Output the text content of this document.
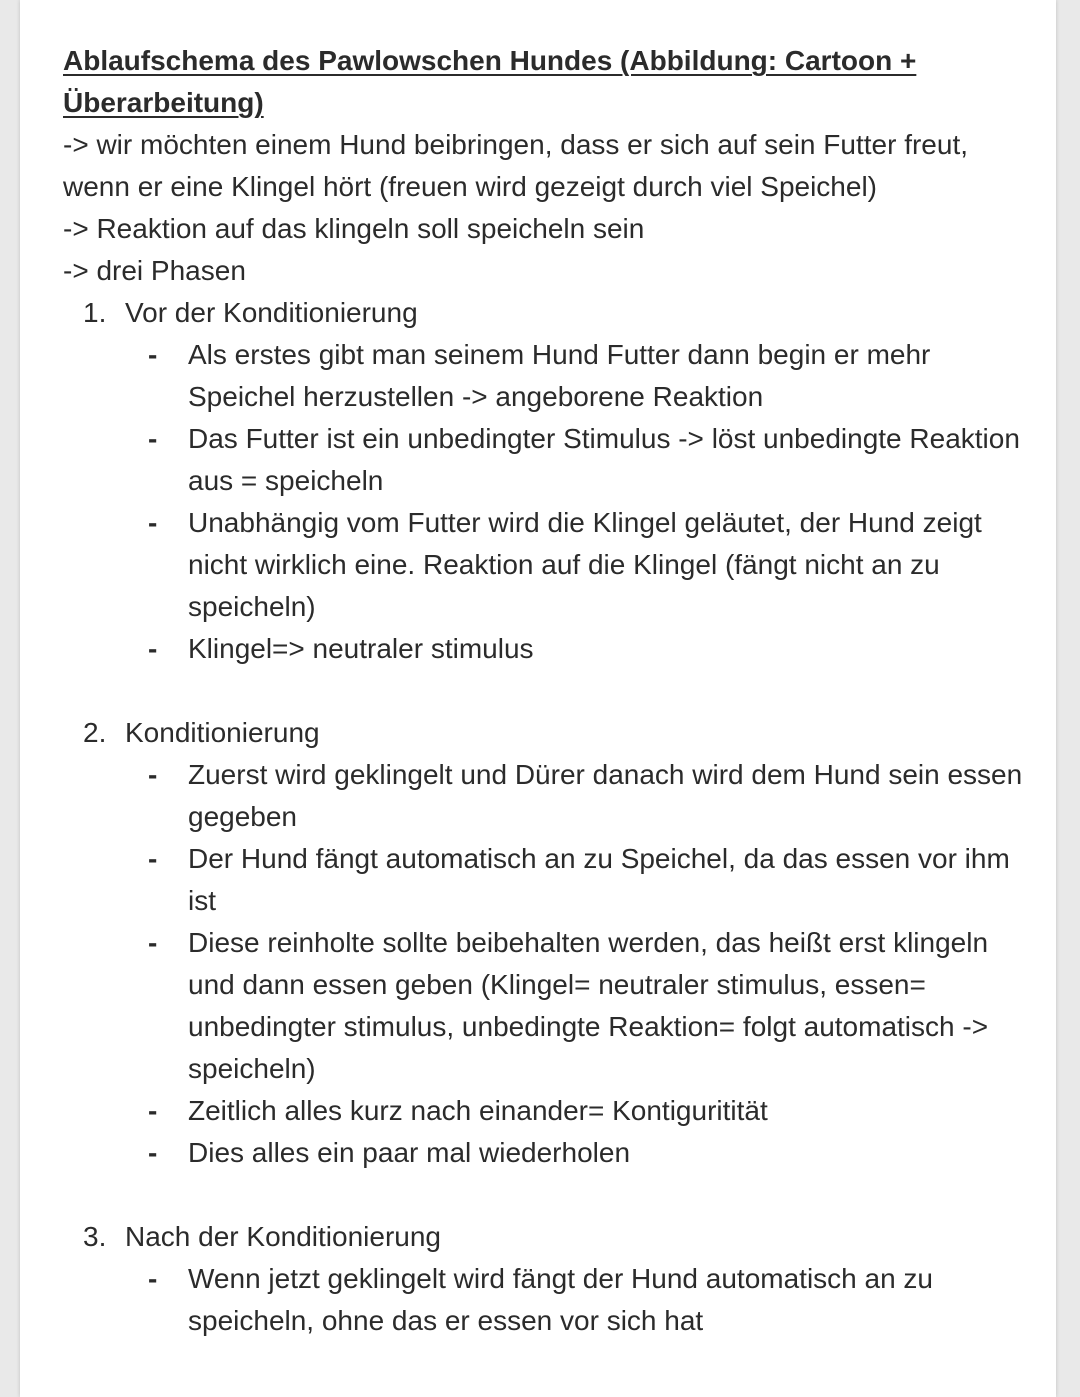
Ablaufschema des Pawlowschen Hundes (Abbildung: Cartoon + Überarbeitung)

-> wir möchten einem Hund beibringen, dass er sich auf sein Futter freut, wenn er eine Klingel hört (freuen wird gezeigt durch viel Speichel)

-> Reaktion auf das klingeln soll speicheln sein

-> drei Phasen

1. Vor der Konditionierung
- Als erstes gibt man seinem Hund Futter dann begin er mehr Speichel herzustellen -> angeborene Reaktion
- Das Futter ist ein unbedingter Stimulus -> löst unbedingte Reaktion aus = speicheln
- Unabhängig vom Futter wird die Klingel geläutet, der Hund zeigt nicht wirklich eine. Reaktion auf die Klingel (fängt nicht an zu speicheln)
- Klingel=> neutraler stimulus
2. Konditionierung
- Zuerst wird geklingelt und Dürer danach wird dem Hund sein essen gegeben
- Der Hund fängt automatisch an zu Speichel, da das essen vor ihm ist
- Diese reinholte sollte beibehalten werden, das heißt erst klingeln und dann essen geben (Klingel= neutraler stimulus, essen= unbedingter stimulus, unbedingte Reaktion= folgt automatisch -> speicheln)
- Zeitlich alles kurz nach einander= Kontiguritität
- Dies alles ein paar mal wiederholen
3. Nach der Konditionierung
- Wenn jetzt geklingelt wird fängt der Hund automatisch an zu speicheln, ohne das er essen vor sich hat
